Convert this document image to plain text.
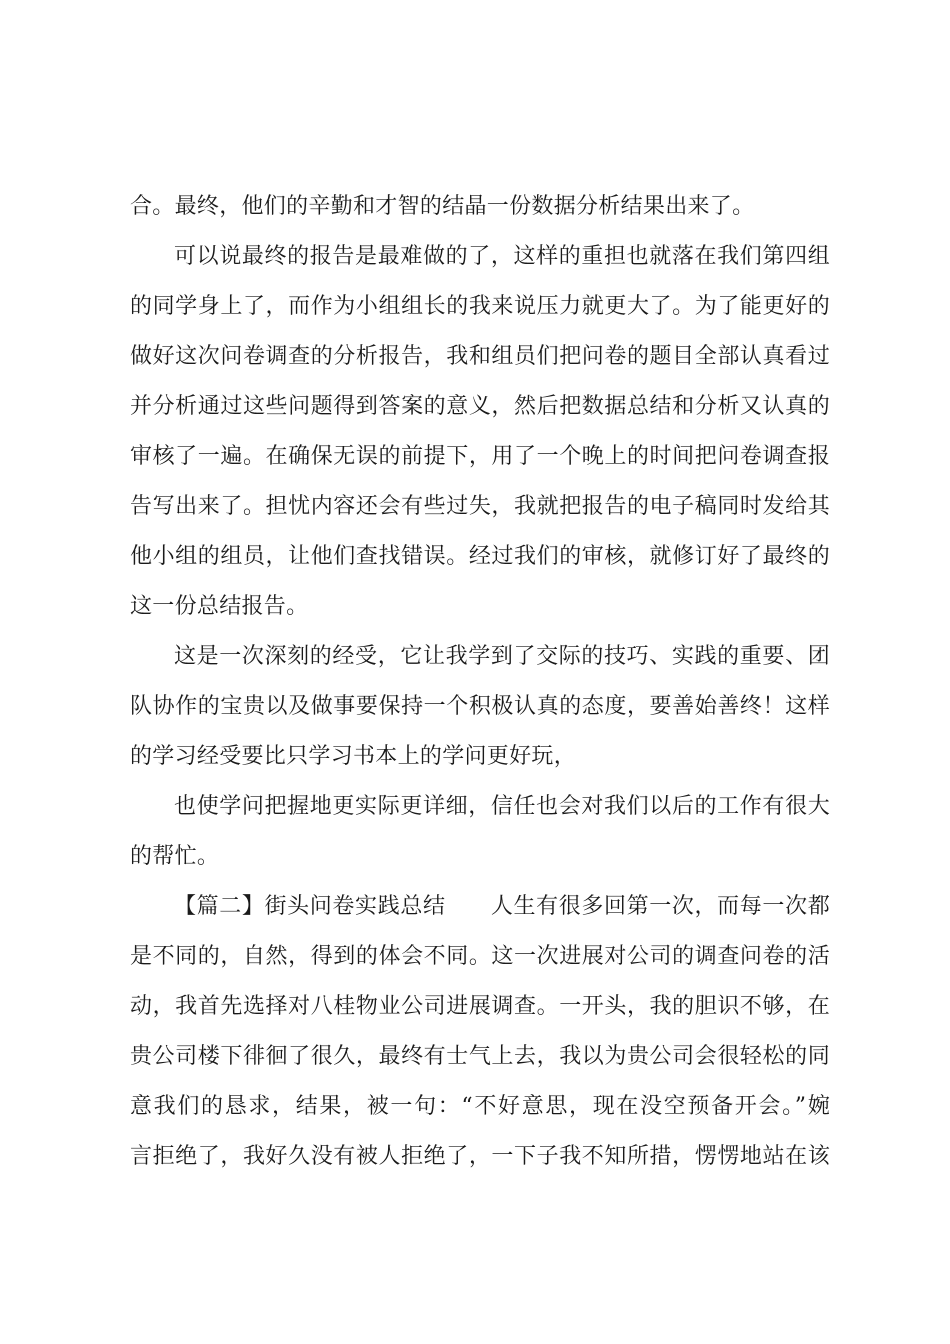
合。最终，他们的辛勤和才智的结晶一份数据分析结果出来了。
可以说最终的报告是最难做的了，这样的重担也就落在我们第四组
的同学身上了，而作为小组组长的我来说压力就更大了。为了能更好的
做好这次问卷调查的分析报告，我和组员们把问卷的题目全部认真看过
并分析通过这些问题得到答案的意义，然后把数据总结和分析又认真的
审核了一遍。在确保无误的前提下，用了一个晚上的时间把问卷调查报
告写出来了。担忧内容还会有些过失，我就把报告的电子稿同时发给其
他小组的组员，让他们查找错误。经过我们的审核，就修订好了最终的
这一份总结报告。
这是一次深刻的经受，它让我学到了交际的技巧、实践的重要、团
队协作的宝贵以及做事要保持一个积极认真的态度，要善始善终！这样
的学习经受要比只学习书本上的学问更好玩，
也使学问把握地更实际更详细，信任也会对我们以后的工作有很大
的帮忙。
【篇二】街头问卷实践总结　　人生有很多回第一次，而每一次都
是不同的，自然，得到的体会不同。这一次进展对公司的调查问卷的活
动，我首先选择对八桂物业公司进展调查。一开头，我的胆识不够，在
贵公司楼下徘徊了很久，最终有士气上去，我以为贵公司会很轻松的同
意我们的恳求，结果，被一句：“不好意思，现在没空预备开会。”婉
言拒绝了，我好久没有被人拒绝了，一下子我不知所措，愣愣地站在该
